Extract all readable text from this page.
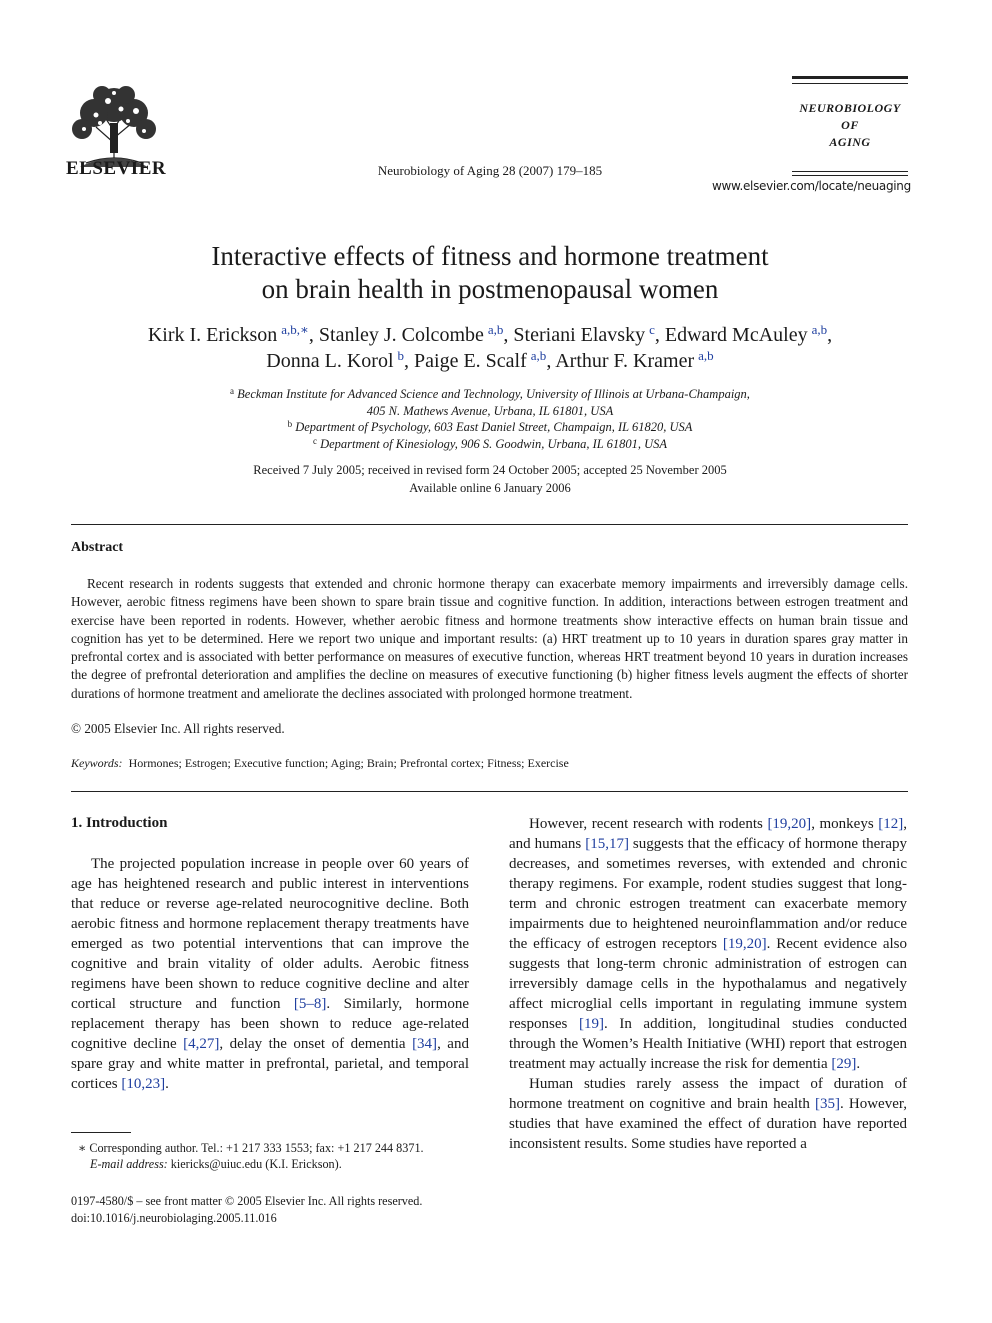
ELSEVIER	Neurobiology of Aging 28 (2007) 179–185
NEUROBIOLOGY
OF
AGING
www.elsevier.com/locate/neuaging
Interactive effects of fitness and hormone treatment
on brain health in postmenopausal women
Kirk I. Erickson  $^{a,b,∗}$, Stanley J. Colcombe  $^{a,b}$, Steriani Elavsky  $^c$, Edward McAuley  $^{a,b}$,
Donna L. Korol  $^b$, Paige E. Scalf  $^{a,b}$, Arthur F. Kramer  $^{a,b}$
$^a$ Beckman Institute for Advanced Science and Technology, University of Illinois at Urbana-Champaign,
405 N. Mathews Avenue, Urbana, IL 61801, USA
$^b$ Department of Psychology, 603 East Daniel Street, Champaign, IL 61820, USA
$^c$ Department of Kinesiology, 906 S. Goodwin, Urbana, IL 61801, USA
Received 7 July 2005; received in revised form 24 October 2005; accepted 25 November 2005
Available online 6 January 2006
Abstract
Recent research in rodents suggests that extended and chronic hormone therapy can exacerbate memory impairments and irreversibly damage cells. However, aerobic fitness regimens have been shown to spare brain tissue and cognitive function. In addition, interactions between estrogen treatment and exercise have been reported in rodents. However, whether aerobic fitness and hormone treatments show interactive effects on human brain tissue and cognition has yet to be determined. Here we report two unique and important results: (a) HRT treatment up to 10 years in duration spares gray matter in prefrontal cortex and is associated with better performance on measures of executive function, whereas HRT treatment beyond 10 years in duration increases the degree of prefrontal deterioration and amplifies the decline on measures of executive functioning (b) higher fitness levels augment the effects of shorter durations of hormone treatment and ameliorate the declines associated with prolonged hormone treatment.
© 2005 Elsevier Inc. All rights reserved.
Keywords: Hormones; Estrogen; Executive function; Aging; Brain; Prefrontal cortex; Fitness; Exercise
1. Introduction

The projected population increase in people over 60 years of age has heightened research and public interest in interventions that reduce or reverse age-related neurocognitive decline. Both aerobic fitness and hormone replacement therapy treatments have emerged as two potential interventions that can improve the cognitive and brain vitality of older adults. Aerobic fitness regimens have been shown to reduce cognitive decline and alter cortical structure and function [5–8]. Similarly, hormone replacement therapy has been shown to reduce age-related cognitive decline [4,27], delay the onset of dementia [34], and spare gray and white matter in prefrontal, parietal, and temporal cortices [10,23].

However, recent research with rodents [19,20], monkeys [12], and humans [15,17] suggests that the efficacy of hormone therapy decreases, and sometimes reverses, with extended and chronic therapy regimens. For example, rodent studies suggest that long-term and chronic estrogen treatment can exacerbate memory impairments due to heightened neuroinflammation and/or reduce the efficacy of estrogen receptors [19,20]. Recent evidence also suggests that long-term chronic administration of estrogen can irreversibly damage cells in the hypothalamus and negatively affect microglial cells important in regulating immune system responses [19]. In addition, longitudinal studies conducted through the Women’s Health Initiative (WHI) report that estrogen treatment may actually increase the risk for dementia [29].

Human studies rarely assess the impact of duration of hormone treatment on cognitive and brain health [35]. However, studies that have examined the effect of duration have reported inconsistent results. Some studies have reported a

∗ Corresponding author. Tel.: +1 217 333 1553; fax: +1 217 244 8371.
E-mail address: kiericks@uiuc.edu (K.I. Erickson).
0197-4580/$ – see front matter © 2005 Elsevier Inc. All rights reserved.
doi:10.1016/j.neurobiolaging.2005.11.016
